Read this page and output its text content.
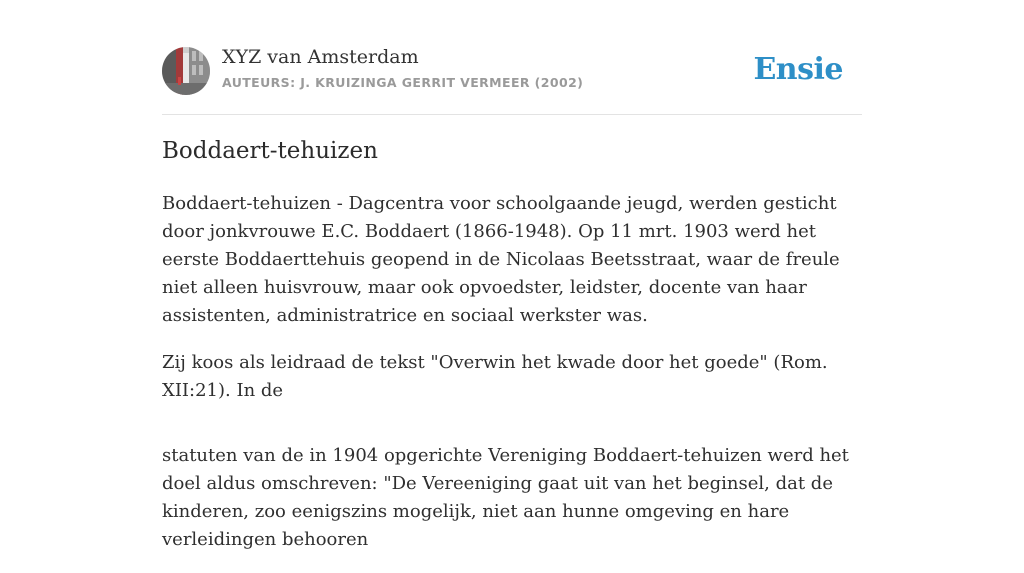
XYZ van Amsterdam
AUTEURS: J. KRUIZINGA GERRIT VERMEER (2002)	Ensie
Boddaert-tehuizen

Boddaert-tehuizen - Dagcentra voor schoolgaande jeugd, werden gesticht door jonkvrouwe E.C. Boddaert (1866-1948). Op 11 mrt. 1903 werd het eerste Boddaerttehuis geopend in de Nicolaas Beetsstraat, waar de freule niet alleen huisvrouw, maar ook opvoedster, leidster, docente van haar assistenten, administratrice en sociaal werkster was.

Zij koos als leidraad de tekst "Overwin het kwade door het goede" (Rom. XII:21). In de

statuten van de in 1904 opgerichte Vereniging Boddaert-tehuizen werd het doel aldus omschreven: "De Vereeniging gaat uit van het beginsel, dat de kinderen, zoo eenigszins mogelijk, niet aan hunne omgeving en hare verleidingen behooren
